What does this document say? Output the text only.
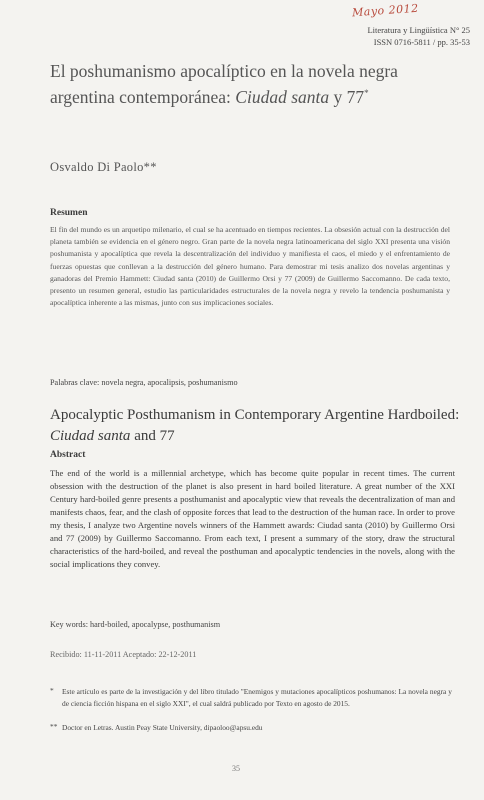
Mayo 2012
Literatura y Lingüística N° 25
ISSN 0716-5811 / pp. 35-53
El poshumanismo apocalíptico en la novela negra argentina contemporánea: Ciudad santa y 77*
Osvaldo Di Paolo**
Resumen
El fin del mundo es un arquetipo milenario, el cual se ha acentuado en tiempos recientes. La obsesión actual con la destrucción del planeta también se evidencia en el género negro. Gran parte de la novela negra latinoamericana del siglo XXI presenta una visión poshumanista y apocalíptica que revela la descentralización del individuo y manifiesta el caos, el miedo y el enfrentamiento de fuerzas opuestas que conllevan a la destrucción del género humano. Para demostrar mi tesis analizo dos novelas argentinas y ganadoras del Premio Hammett: Ciudad santa (2010) de Guillermo Orsi y 77 (2009) de Guillermo Saccomanno. De cada texto, presento un resumen general, estudio las particularidades estructurales de la novela negra y revelo la tendencia poshumanista y apocalíptica inherente a las mismas, junto con sus implicaciones sociales.
Palabras clave: novela negra, apocalipsis, poshumanismo
Apocalyptic Posthumanism in Contemporary Argentine Hardboiled: Ciudad santa and 77
Abstract
The end of the world is a millennial archetype, which has become quite popular in recent times. The current obsession with the destruction of the planet is also present in hard boiled literature. A great number of the XXI Century hard-boiled genre presents a posthumanist and apocalyptic view that reveals the decentralization of man and manifests chaos, fear, and the clash of opposite forces that lead to the destruction of the human race. In order to prove my thesis, I analyze two Argentine novels winners of the Hammett awards: Ciudad santa (2010) by Guillermo Orsi and 77 (2009) by Guillermo Saccomanno. From each text, I present a summary of the story, draw the structural characteristics of the hard-boiled, and reveal the posthuman and apocalyptic tendencies in the novels, along with the social implications they convey.
Key words: hard-boiled, apocalypse, posthumanism
Recibido: 11-11-2011 Aceptado: 22-12-2011
* Este artículo es parte de la investigación y del libro titulado "Enemigos y mutaciones apocalípticos poshumanos: La novela negra y de ciencia ficción hispana en el siglo XXI", el cual saldrá publicado por Texto en agosto de 2015.
** Doctor en Letras. Austin Peay State University, dipaoloo@apsu.edu
35
